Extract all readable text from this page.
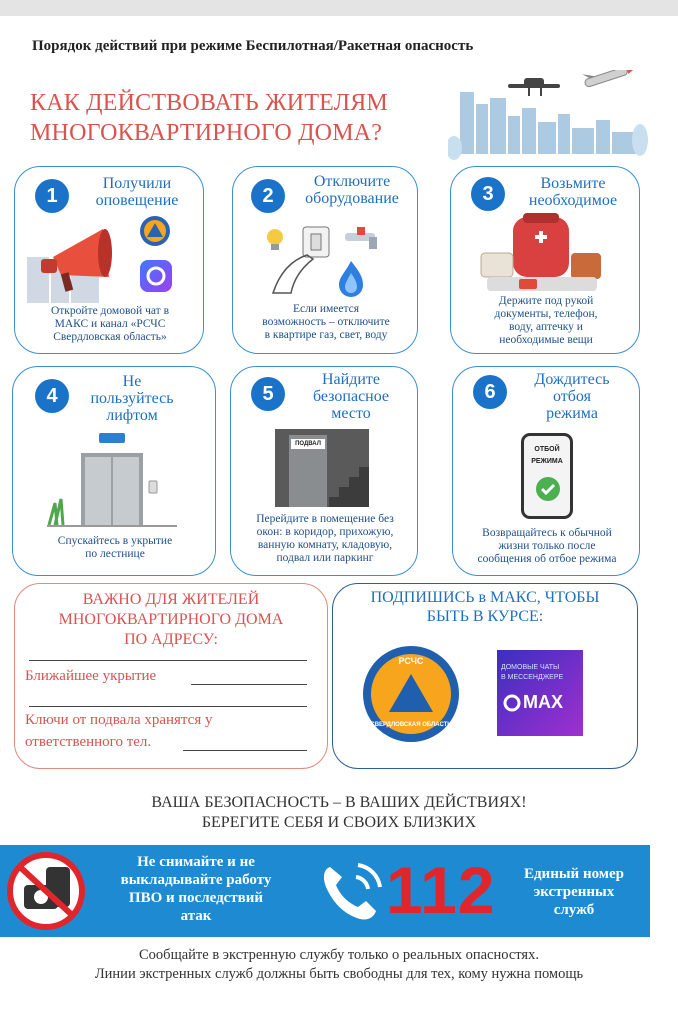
Порядок действий при режиме Беспилотная/Ракетная опасность
КАК ДЕЙСТВОВАТЬ ЖИТЕЛЯМ
МНОГОКВАРТИРНОГО ДОМА?
1
Получили
оповещение
Откройте домовой чат в
МАКС и канал «РСЧС
Свердловская область»
2
Отключите
оборудование
Если имеется
возможность – отключите
в квартире газ, свет, воду
3	Возьмите
необходимое
Держите под рукой
документы, телефон,
воду, аптечку и
необходимые вещи
4
Не
пользуйтесь
лифтом
Спускайтесь в укрытие
по лестнице
5
Найдите
безопасное
место
ПОДВАЛ
Перейдите в помещение без
окон: в коридор, прихожую,
ванную комнату, кладовую,
подвал или паркинг
6
Дождитесь
отбоя
режима
ОТБОЙ
РЕЖИМА
Возвращайтесь к обычной
жизни только после
сообщения об отбое режима
ВАЖНО ДЛЯ ЖИТЕЛЕЙ
МНОГОКВАРТИРНОГО ДОМА
ПО АДРЕСУ:
Ближайшее укрытие
Ключи от подвала хранятся у
ответственного тел.
ПОДПИШИСЬ в МАКС, ЧТОБЫ
БЫТЬ В КУРСЕ:
РСЧС
СВЕРДЛОВСКАЯ ОБЛАСТЬ
ДОМОВЫЕ ЧАТЫ
В МЕССЕНДЖЕРЕ
MAX
ВАША БЕЗОПАСНОСТЬ – В ВАШИХ ДЕЙСТВИЯХ!
БЕРЕГИТЕ СЕБЯ И СВОИХ БЛИЗКИХ
Не снимайте и не
выкладывайте работу
ПВО и последствий
атак	112	Единый номер
экстренных
служб
Сообщайте в экстренную службу только о реальных опасностях.
Линии экстренных служб должны быть свободны для тех, кому нужна помощь
